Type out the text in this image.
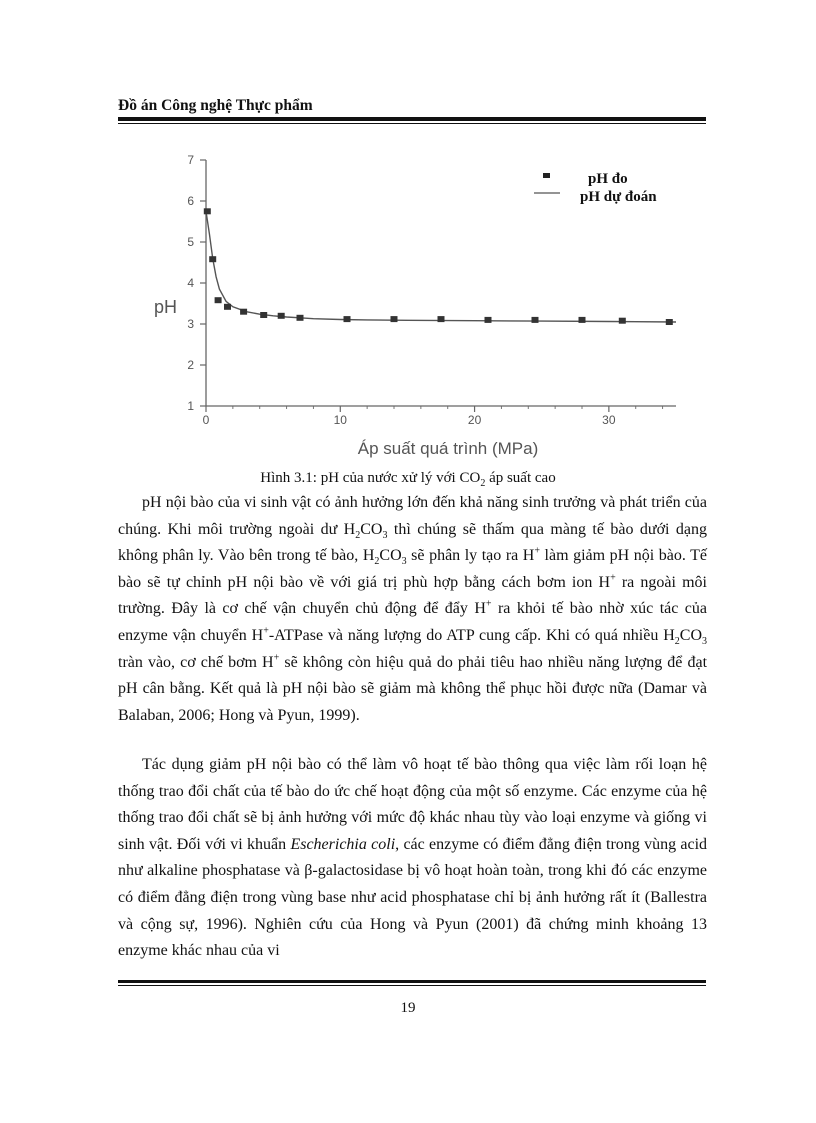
Đồ án Công nghệ Thực phẩm
1
2
3
4
5
6
7
0	10	20	30
pH
Áp suất quá trình (MPa)
pH đo
pH dự đoán
Hình 3.1: pH của nước xử lý với $CO_2$ áp suất cao

pH nội bào của vi sinh vật có ảnh hưởng lớn đến khả năng sinh trưởng và phát triển của chúng. Khi môi trường ngoài dư $H_2CO_3$ thì chúng sẽ thấm qua màng tế bào dưới dạng không phân ly. Vào bên trong tế bào, $H_2CO_3$ sẽ phân ly tạo ra H+ làm giảm pH nội bào. Tế bào sẽ tự chỉnh pH nội bào về với giá trị phù hợp bằng cách bơm ion H+ ra ngoài môi trường. Đây là cơ chế vận chuyển chủ động để đẩy H+ ra khỏi tế bào nhờ xúc tác của enzyme vận chuyển H+-ATPase và năng lượng do ATP cung cấp. Khi có quá nhiều $H_2CO_3$ tràn vào, cơ chế bơm H+ sẽ không còn hiệu quả do phải tiêu hao nhiều năng lượng để đạt pH cân bằng. Kết quả là pH nội bào sẽ giảm mà không thể phục hồi được nữa (Damar và Balaban, 2006; Hong và Pyun, 1999).

Tác dụng giảm pH nội bào có thể làm vô hoạt tế bào thông qua việc làm rối loạn hệ thống trao đổi chất của tế bào do ức chế hoạt động của một số enzyme. Các enzyme của hệ thống trao đổi chất sẽ bị ảnh hưởng với mức độ khác nhau tùy vào loại enzyme và giống vi sinh vật. Đối với vi khuẩn Escherichia coli, các enzyme có điểm đẳng điện trong vùng acid như alkaline phosphatase và β-galactosidase bị vô hoạt hoàn toàn, trong khi đó các enzyme có điểm đẳng điện trong vùng base như acid phosphatase chỉ bị ảnh hưởng rất ít (Ballestra và cộng sự, 1996). Nghiên cứu của Hong và Pyun (2001) đã chứng minh khoảng 13 enzyme khác nhau của vi

19
